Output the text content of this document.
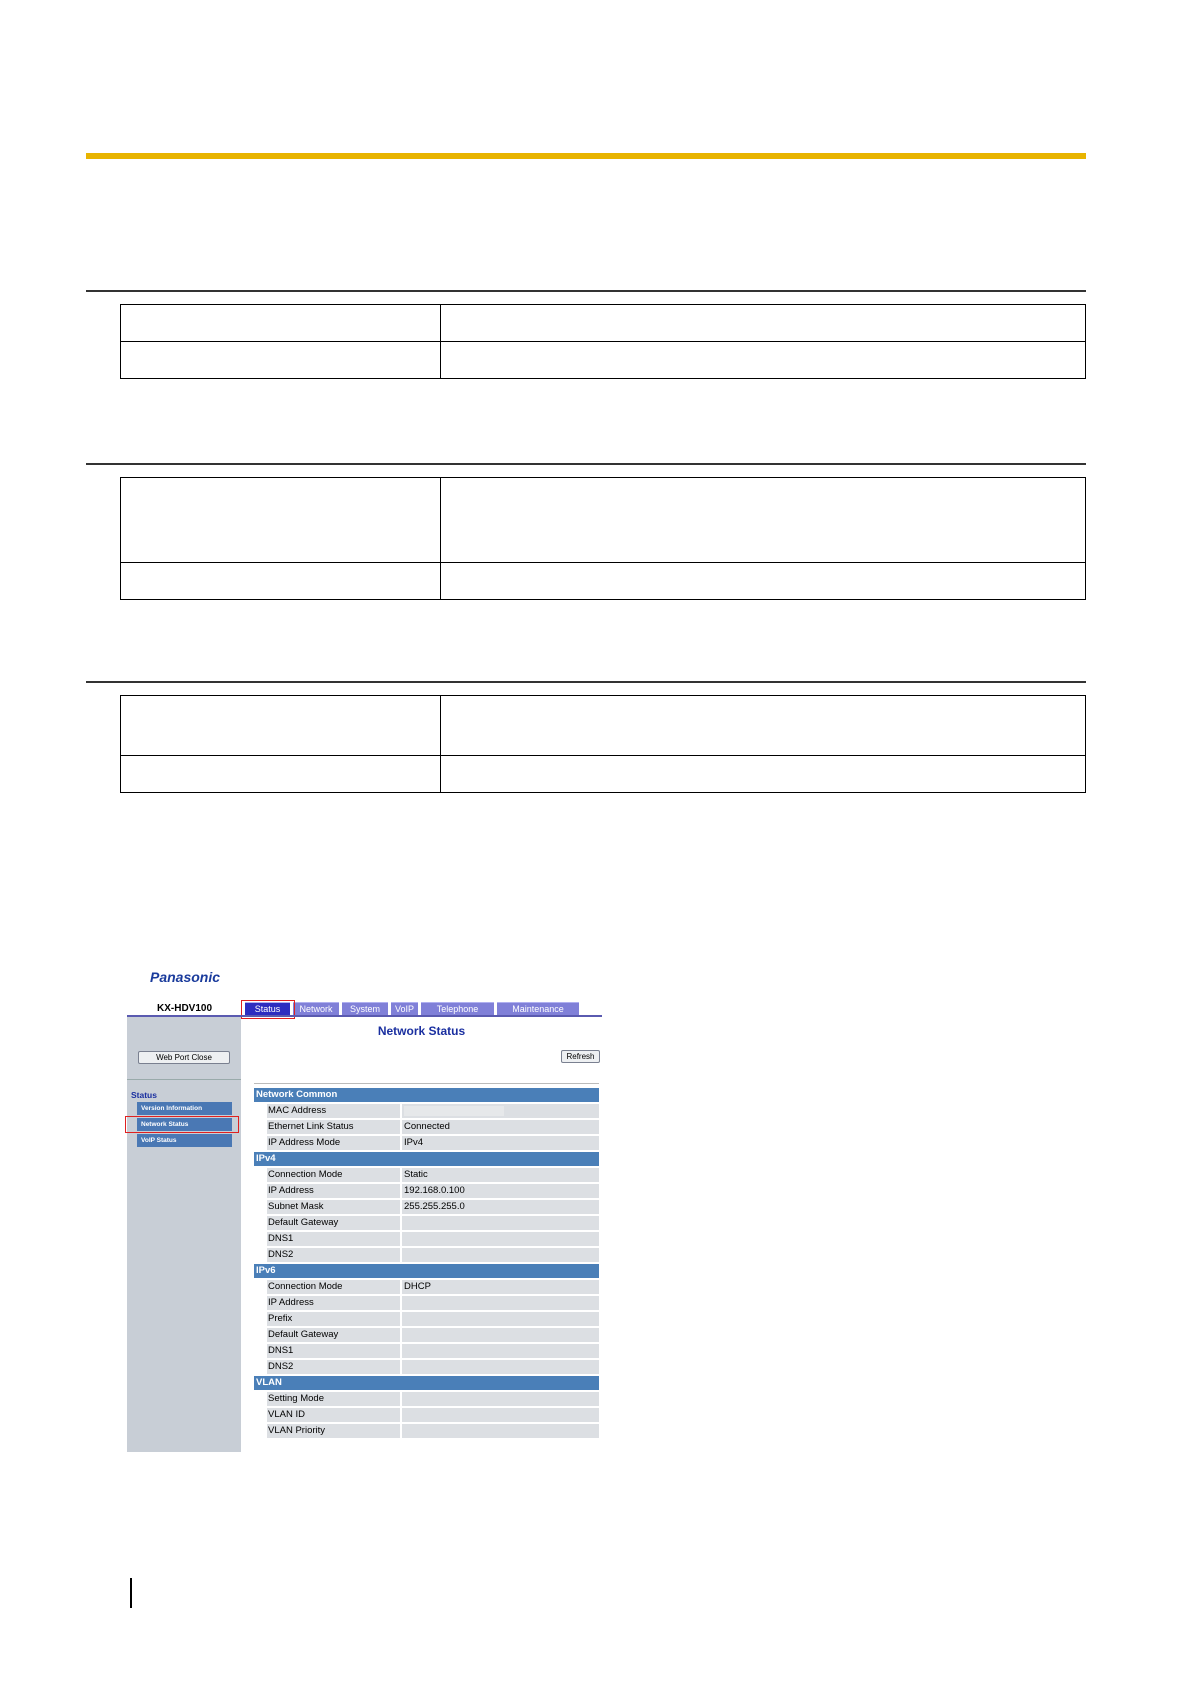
Panasonic
KX-HDV100	Status	Network	System	VoIP	Telephone	Maintenance
Web Port Close
Status
Version Information
Network Status
VoIP Status
Network Status
Refresh
Network Common
MAC Address
Ethernet Link Status	Connected
IP Address Mode	IPv4
IPv4
Connection Mode	Static
IP Address	192.168.0.100
Subnet Mask	255.255.255.0
Default Gateway
DNS1
DNS2
IPv6
Connection Mode	DHCP
IP Address
Prefix
Default Gateway
DNS1
DNS2
VLAN
Setting Mode
VLAN ID
VLAN Priority
